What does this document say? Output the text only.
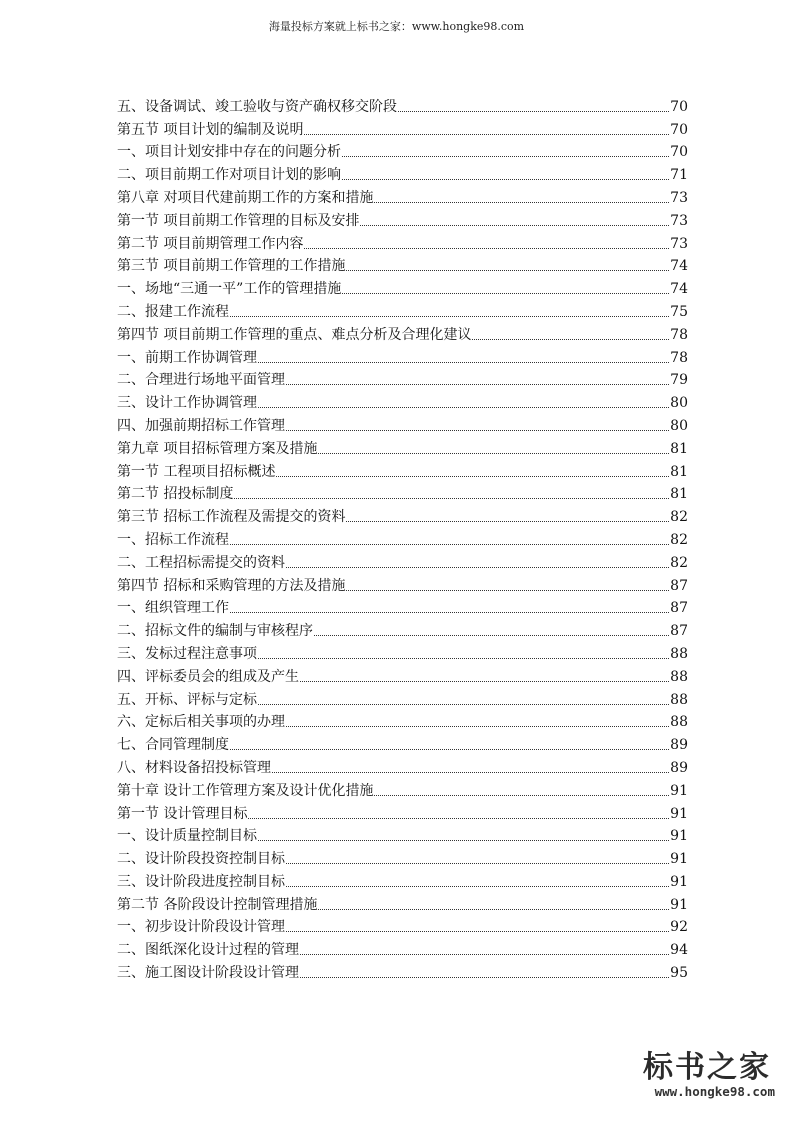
海量投标方案就上标书之家：www.hongke98.com
五、设备调试、竣工验收与资产确权移交阶段	70
第五节 项目计划的编制及说明	70
一、项目计划安排中存在的问题分析	70
二、项目前期工作对项目计划的影响	71
第八章 对项目代建前期工作的方案和措施	73
第一节 项目前期工作管理的目标及安排	73
第二节 项目前期管理工作内容	73
第三节 项目前期工作管理的工作措施	74
一、场地“三通一平”工作的管理措施	74
二、报建工作流程	75
第四节 项目前期工作管理的重点、难点分析及合理化建议	78
一、前期工作协调管理	78
二、合理进行场地平面管理	79
三、设计工作协调管理	80
四、加强前期招标工作管理	80
第九章 项目招标管理方案及措施	81
第一节 工程项目招标概述	81
第二节 招投标制度	81
第三节 招标工作流程及需提交的资料	82
一、招标工作流程	82
二、工程招标需提交的资料	82
第四节 招标和采购管理的方法及措施	87
一、组织管理工作	87
二、招标文件的编制与审核程序	87
三、发标过程注意事项	88
四、评标委员会的组成及产生	88
五、开标、评标与定标	88
六、定标后相关事项的办理	88
七、合同管理制度	89
八、材料设备招投标管理	89
第十章 设计工作管理方案及设计优化措施	91
第一节 设计管理目标	91
一、设计质量控制目标	91
二、设计阶段投资控制目标	91
三、设计阶段进度控制目标	91
第二节 各阶段设计控制管理措施	91
一、初步设计阶段设计管理	92
二、图纸深化设计过程的管理	94
三、施工图设计阶段设计管理	95
标书之家
www.hongke98.com
